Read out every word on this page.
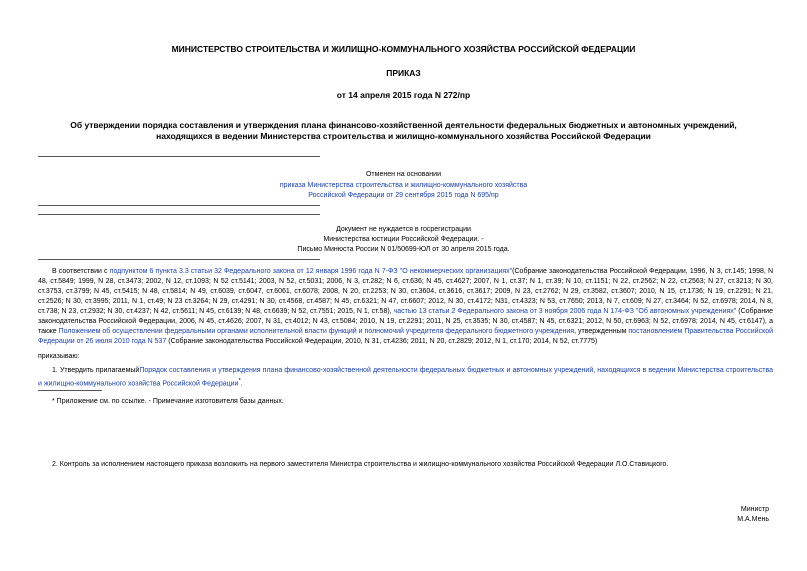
МИНИСТЕРСТВО СТРОИТЕЛЬСТВА И ЖИЛИЩНО-КОММУНАЛЬНОГО ХОЗЯЙСТВА РОССИЙСКОЙ ФЕДЕРАЦИИ
ПРИКАЗ
от 14 апреля 2015 года N 272/пр
Об утверждении порядка составления и утверждения плана финансово-хозяйственной деятельности федеральных бюджетных и автономных учреждений,
находящихся в ведении Министерства строительства и жилищно-коммунального хозяйства Российской Федерации
Отменен на основании
приказа Министерства строительства и жилищно-коммунального хозяйства
Российской Федерации от 29 сентября 2015 года N 695/пр
Документ не нуждается в госрегистрации
Министерства юстиции Российской Федерации. -
Письмо Минюста России N 01/50699-ЮЛ от 30 апреля 2015 года.
В соответствии с подпунктом 6 пункта 3.3 статьи 32 Федерального закона от 12 января 1996 года N 7-ФЗ "О некоммерческих организациях"(Собрание законодательства Российской Федерации, 1996, N 3, ст.145; 1998, N 48, ст.5849; 1999, N 28, ст.3473; 2002, N 12, ст.1093; N 52 ст.5141; 2003, N 52, ст.5031; 2006, N 3, ст.282; N 6, ст.636; N 45, ст.4627; 2007, N 1, ст.37; N 1, ст.39; N 10, ст.1151; N 22, ст.2562; N 22, ст.2563; N 27, ст.3213; N 30, ст.3753, ст.3799; N 45, ст.5415; N 48, ст.5814; N 49, ст.6039, ст.6047, ст.6061, ст.6078; 2008, N 20, ст.2253; N 30, ст.3604, ст.3616, ст.3617; 2009, N 23, ст.2762; N 29, ст.3582, ст.3607; 2010, N 15, ст.1736; N 19, ст.2291; N 21, ст.2526; N 30, ст.3995; 2011, N 1, ст.49; N 23 ст.3264; N 29, ст.4291; N 30, ст.4568, ст.4587; N 45, ст.6321; N 47, ст.6607; 2012, N 30, ст.4172; N31, ст.4323; N 53, ст.7650; 2013, N 7, ст.609; N 27, ст.3464; N 52, ст.6978; 2014, N 8, ст.738; N 23, ст.2932; N 30, ст.4237; N 42, ст.5611; N 45, ст.6139; N 48, ст.6639; N 52, ст.7551; 2015, N 1, ст.58), частью 13 статьи 2 Федерального закона от 3 ноября 2006 года N 174-ФЗ "Об автономных учреждениях" (Собрание законодательства Российской Федерации, 2006, N 45, ст.4626; 2007, N 31, ст.4012; N 43, ст.5084; 2010, N 19, ст.2291; 2011, N 25, ст.3535; N 30, ст.4587; N 45, ст.6321; 2012, N 50, ст.6963; N 52, ст.6978; 2014, N 45, ст.6147), а также Положением об осуществлении федеральными органами исполнительной власти функций и полномочий учредителя федерального бюджетного учреждения, утвержденным постановлением Правительства Российской Федерации от 26 июля 2010 года N 537 (Собрание законодательства Российской Федерации, 2010, N 31, ст.4236; 2011, N 20, ст.2829; 2012, N 1, ст.170; 2014, N 52, ст.7775)
приказываю:
1. Утвердить прилагаемыйПорядок составления и утверждения плана финансово-хозяйственной деятельности федеральных бюджетных и автономных учреждений, находящихся в ведении Министерства строительства и жилищно-коммунального хозяйства Российской Федерации*.
* Приложение см. по ссылке. - Примечание изготовителя базы данных.
2. Контроль за исполнением настоящего приказа возложить на первого заместителя Министра строительства и жилищно-коммунального хозяйства Российской Федерации Л.О.Ставицкого.
Министр
М.А.Мень
